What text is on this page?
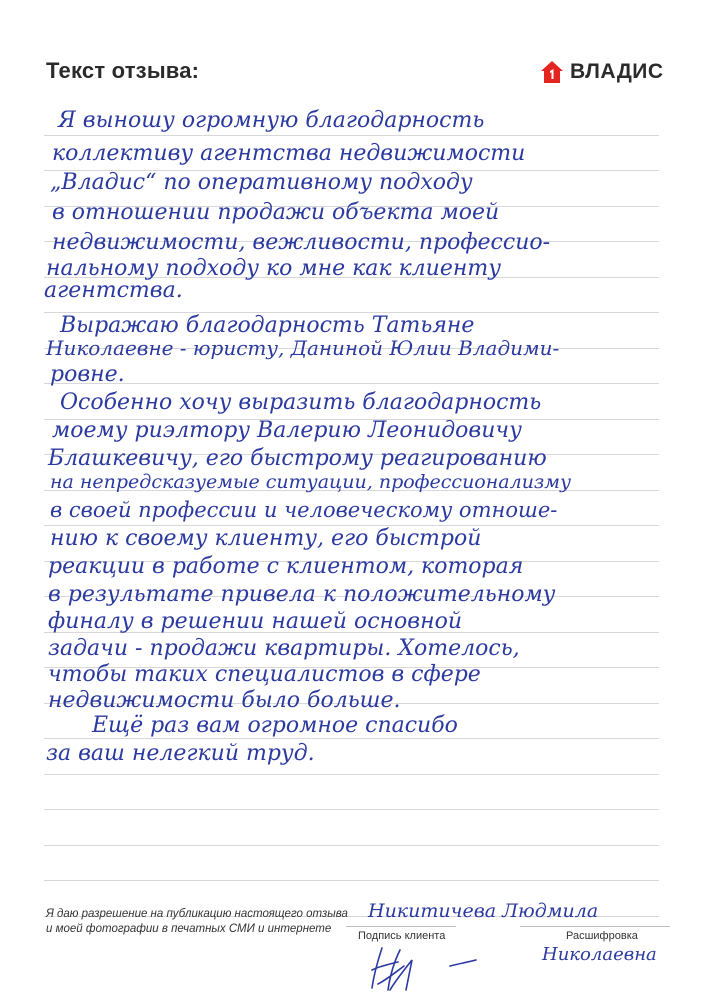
Текст отзыва:	ВЛАДИС
Я выношу огромную благодарность
коллективу агентства недвижимости
„Владис“ по оперативному подходу
в отношении продажи объекта моей
недвижимости, вежливости, профессио-
нальному подходу ко мне как клиенту
агентства.
Выражаю благодарность Татьяне
Николаевне - юристу, Даниной Юлии Владими-
ровне.
Особенно хочу выразить благодарность
моему риэлтору Валерию Леонидовичу
Блашкевичу, его быстрому реагированию
на непредсказуемые ситуации, профессионализму
в своей профессии и человеческому отноше-
нию к своему клиенту, его быстрой
реакции в работе с клиентом, которая
в результате привела к положительному
финалу в решении нашей основной
задачи - продажи квартиры. Хотелось,
чтобы таких специалистов в сфере
недвижимости было больше.
Ещё раз вам огромное спасибо
за ваш нелегкий труд.
Я даю разрешение на публикацию настоящего отзыва
и моей фотографии в печатных СМИ и интернете
Никитичева Людмила
Подпись клиента	Расшифровка
Николаевна
